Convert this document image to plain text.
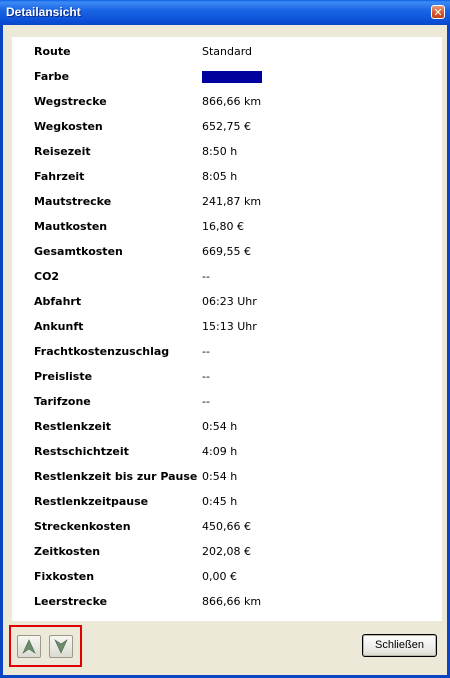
Detailansicht	✕
Route	Standard
Farbe
Wegstrecke	866,66 km
Wegkosten	652,75 €
Reisezeit	8:50 h
Fahrzeit	8:05 h
Mautstrecke	241,87 km
Mautkosten	16,80 €
Gesamtkosten	669,55 €
CO2	--
Abfahrt	06:23 Uhr
Ankunft	15:13 Uhr
Frachtkostenzuschlag	--
Preisliste	--
Tarifzone	--
Restlenkzeit	0:54 h
Restschichtzeit	4:09 h
Restlenkzeit bis zur Pause 0:54 h
Restlenkzeitpause	0:45 h
Streckenkosten	450,66 €
Zeitkosten	202,08 €
Fixkosten	0,00 €
Leerstrecke	866,66 km
Schließen
